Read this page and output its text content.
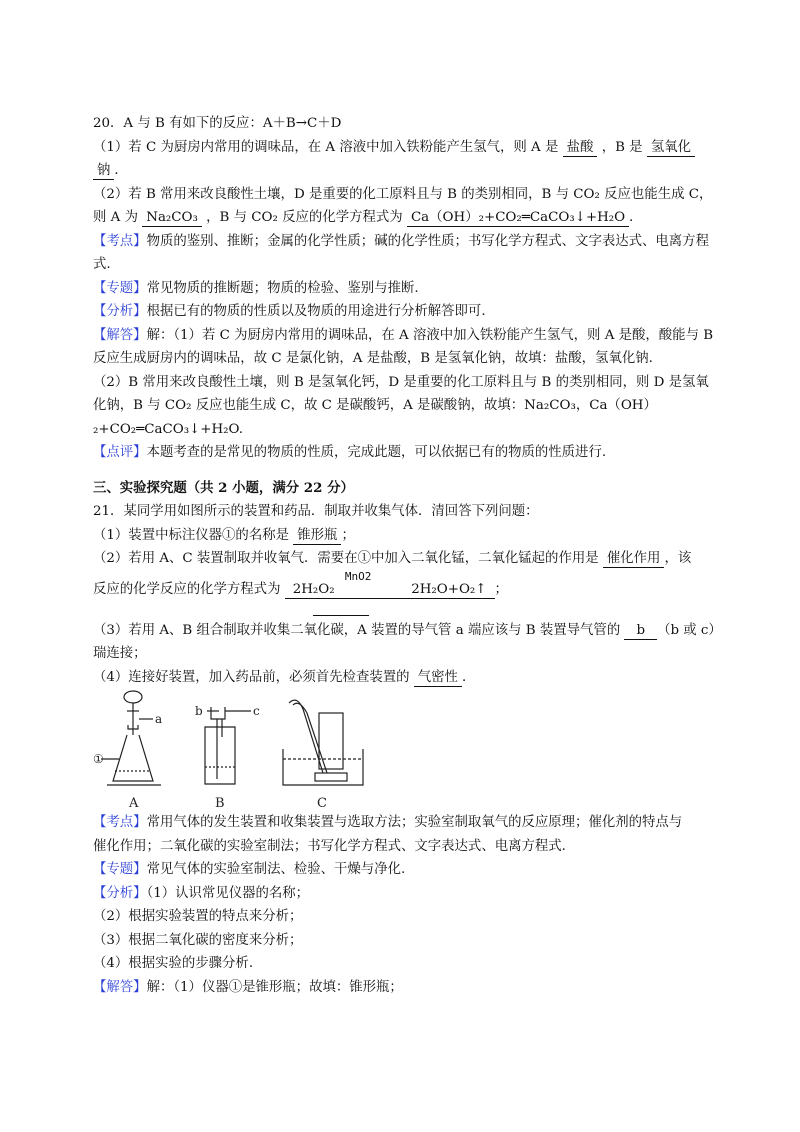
20．A 与 B 有如下的反应：A＋B→C＋D
（1）若 C 为厨房内常用的调味品，在 A 溶液中加入铁粉能产生氢气，则 A 是 盐酸 ，B 是 氢氧化
钠 ．
（2）若 B 常用来改良酸性土壤，D 是重要的化工原料且与 B 的类别相同，B 与 CO₂ 反应也能生成 C，
则 A 为 Na₂CO₃ ，B 与 CO₂ 反应的化学方程式为 Ca（OH）₂+CO₂═CaCO₃↓+H₂O ．
【考点】物质的鉴别、推断；金属的化学性质；碱的化学性质；书写化学方程式、文字表达式、电离方程
式.
【专题】常见物质的推断题；物质的检验、鉴别与推断.
【分析】根据已有的物质的性质以及物质的用途进行分析解答即可.
【解答】解：（1）若 C 为厨房内常用的调味品，在 A 溶液中加入铁粉能产生氢气，则 A 是酸，酸能与 B
反应生成厨房内的调味品，故 C 是氯化钠，A 是盐酸，B 是氢氧化钠，故填：盐酸，氢氧化钠.
（2）B 常用来改良酸性土壤，则 B 是氢氧化钙，D 是重要的化工原料且与 B 的类别相同，则 D 是氢氧
化钠，B 与 CO₂ 反应也能生成 C，故 C 是碳酸钙，A 是碳酸钠，故填：Na₂CO₃，Ca（OH）
₂+CO₂═CaCO₃↓+H₂O.
【点评】本题考查的是常见的物质的性质，完成此题，可以依据已有的物质的性质进行.
三、实验探究题（共 2 小题，满分 22 分）
21．某同学用如图所示的装置和药品．制取并收集气体．清回答下列问题：
（1）装置中标注仪器①的名称是 锥形瓶 ；
（2）若用 A、C 装置制取并收氧气．需要在①中加入二氧化锰，二氧化锰起的作用是 催化作用 ，该
反应的化学反应的化学方程式为 2H₂O₂
MnO2
2H₂O+O₂↑ ；
（3）若用 A、B 组合制取并收集二氧化碳，A 装置的导气管 a 端应该与 B 装置导气管的 b （b 或 c）
瑞连接；
（4）连接好装置，加入药品前，必须首先检查装置的 气密性 ．
a
①
A
b	c
B	C
【考点】常用气体的发生装置和收集装置与选取方法；实验室制取氧气的反应原理；催化剂的特点与
催化作用；二氧化碳的实验室制法；书写化学方程式、文字表达式、电离方程式.
【专题】常见气体的实验室制法、检验、干燥与净化.
【分析】（1）认识常见仪器的名称；
（2）根据实验装置的特点来分析；
（3）根据二氧化碳的密度来分析；
（4）根据实验的步骤分析.
【解答】解：（1）仪器①是锥形瓶；故填：锥形瓶；
